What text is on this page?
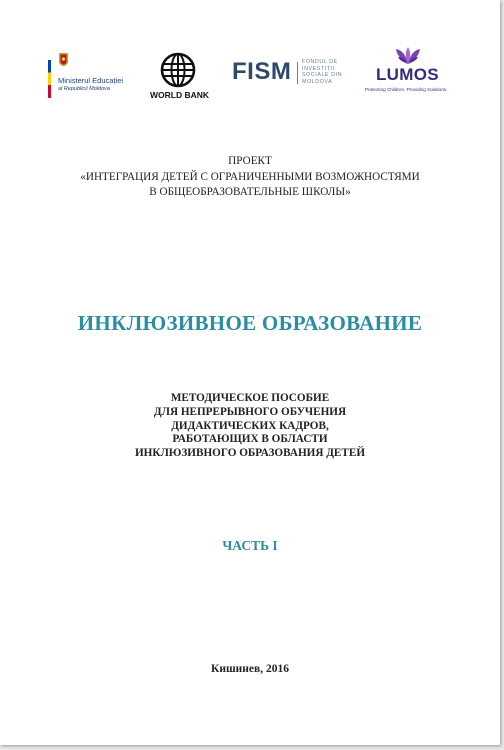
Ministerul Educației
al Republicii Moldova
WORLD BANK
FISM FONDUL DE
INVESTIȚII
SOCIALE DIN
MOLDOVA	LUMOS
Protecting Children. Providing Solutions.
ПРОЕКТ
«ИНТЕГРАЦИЯ ДЕТЕЙ С ОГРАНИЧЕННЫМИ ВОЗМОЖНОСТЯМИ
В ОБЩЕОБРАЗОВАТЕЛЬНЫЕ ШКОЛЫ»
ИНКЛЮЗИВНОЕ ОБРАЗОВАНИЕ
МЕТОДИЧЕСКОЕ ПОСОБИЕ
ДЛЯ НЕПРЕРЫВНОГО ОБУЧЕНИЯ
ДИДАКТИЧЕСКИХ КАДРОВ,
РАБОТАЮЩИХ В ОБЛАСТИ
ИНКЛЮЗИВНОГО ОБРАЗОВАНИЯ ДЕТЕЙ
ЧАСТЬ I
Кишинев, 2016
